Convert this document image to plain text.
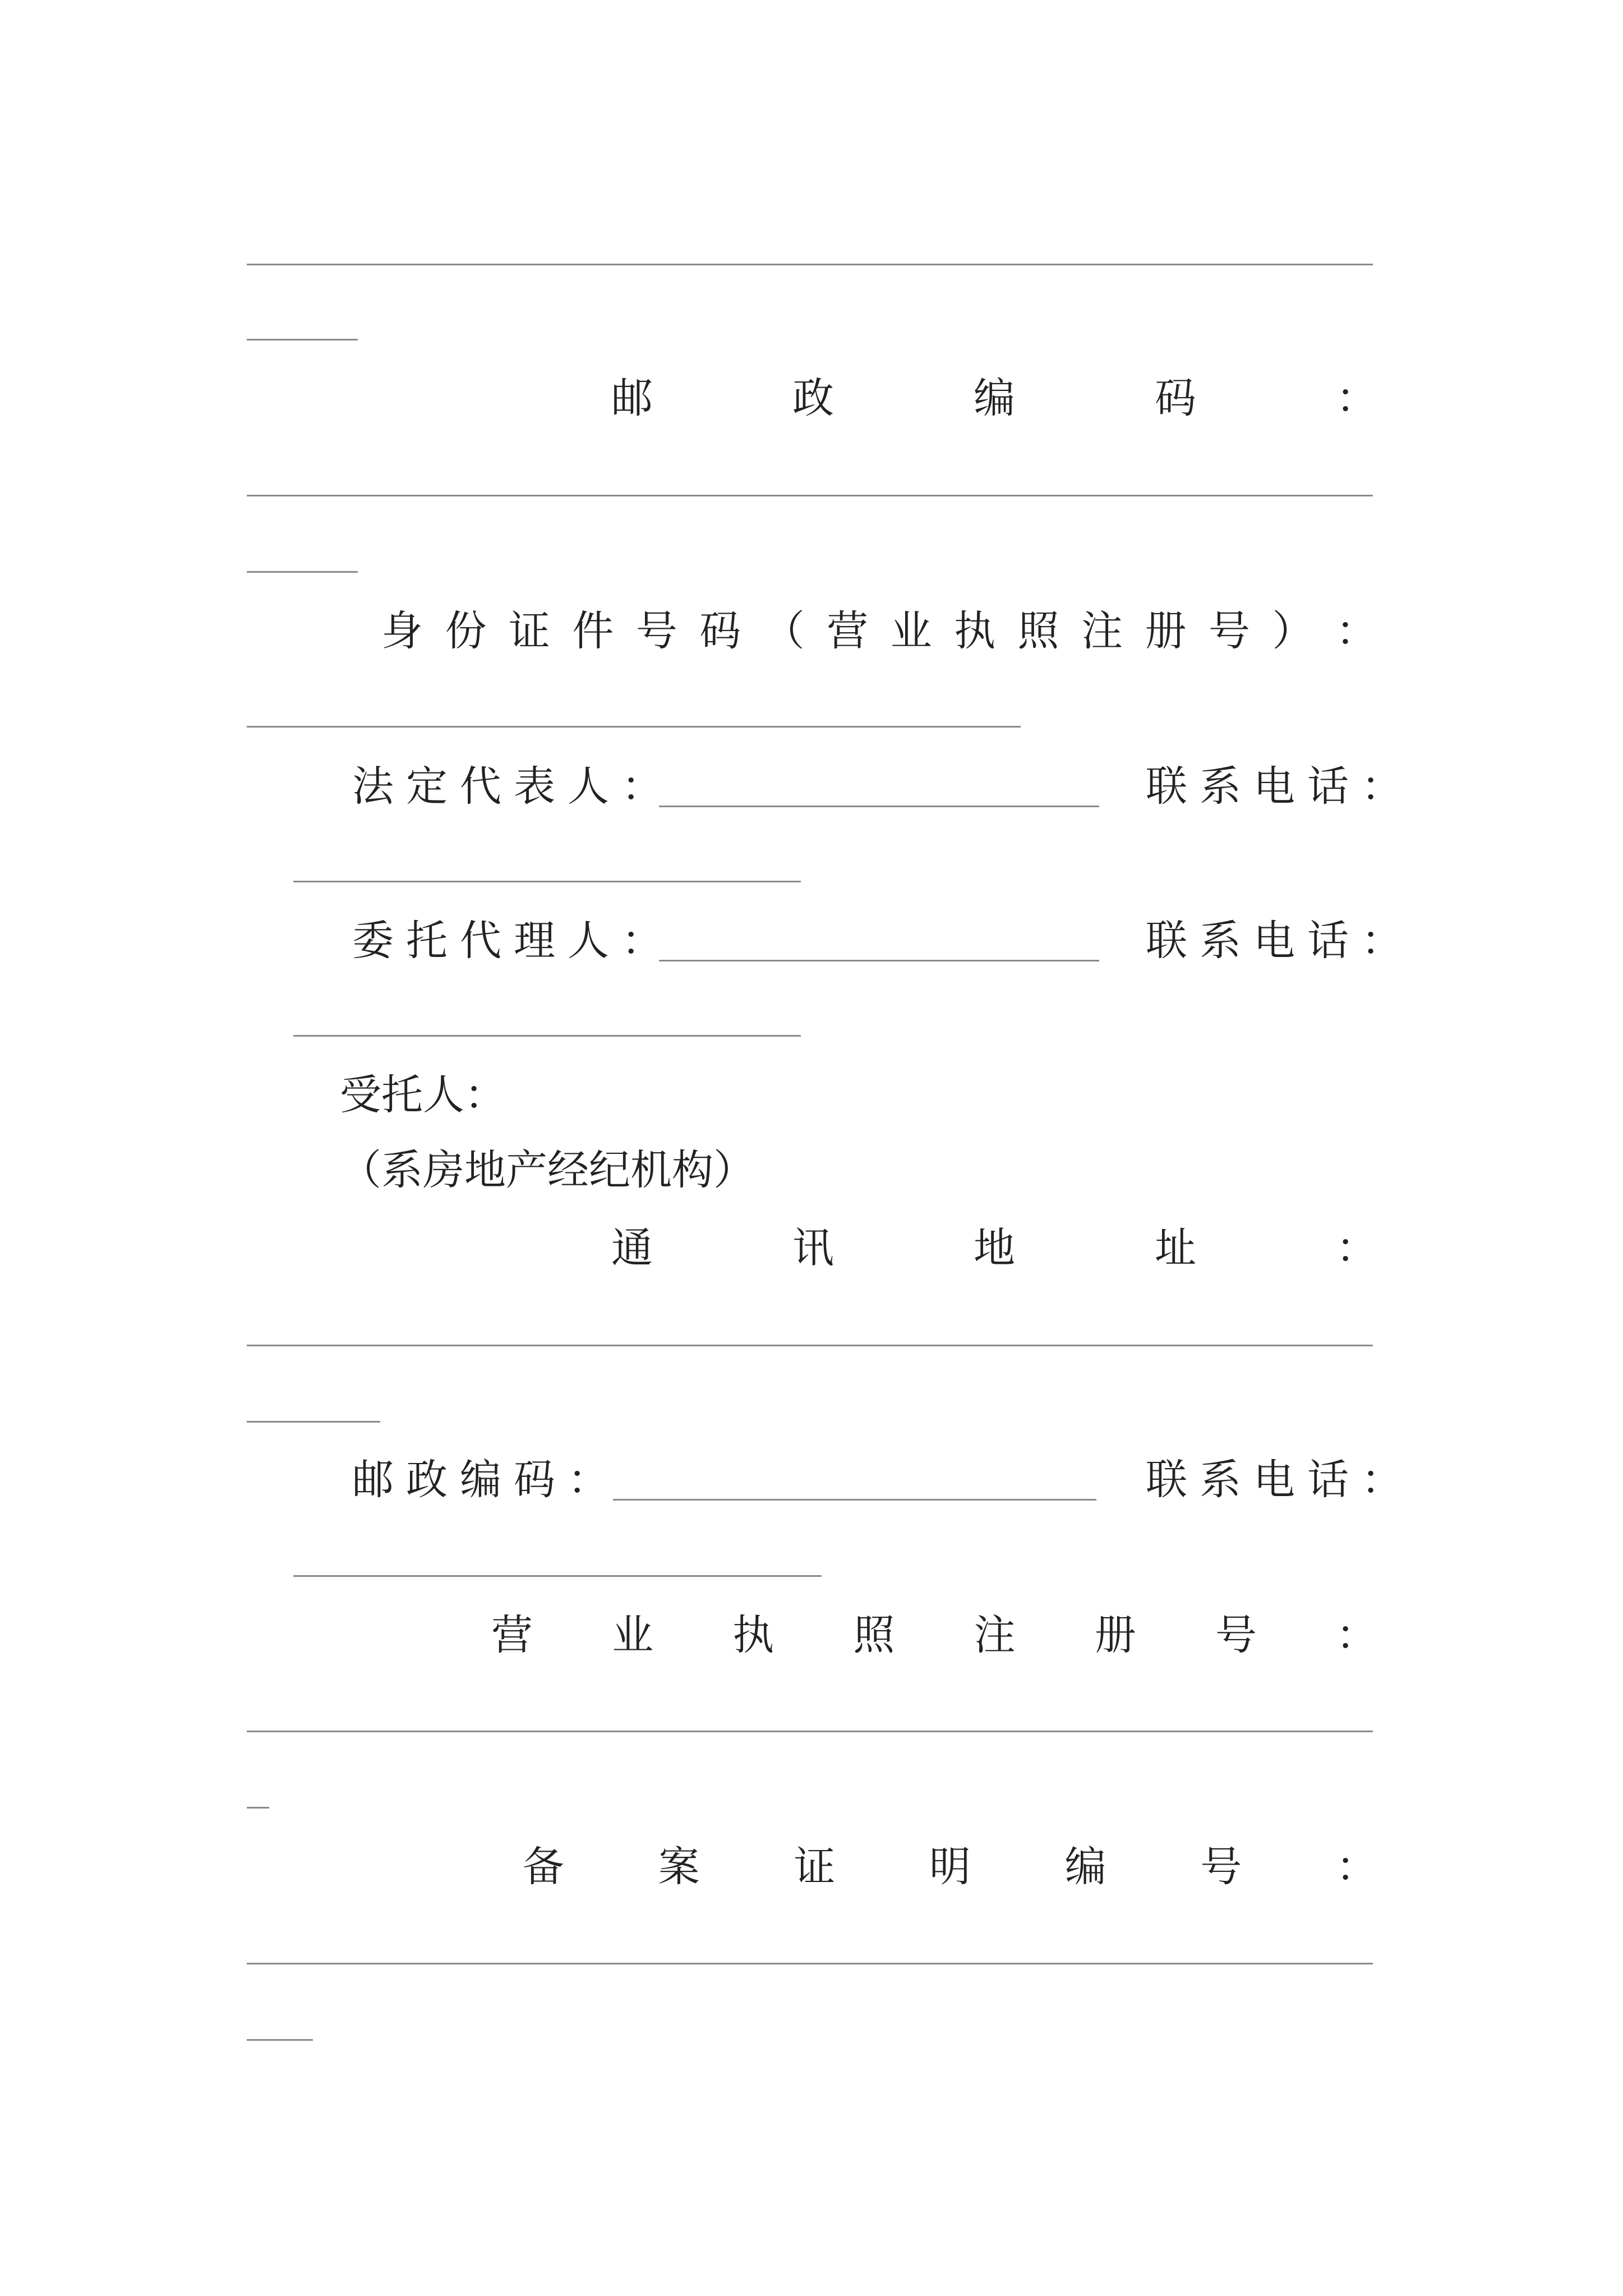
邮	政	编	码	：
身 份 证 件 号 码 （ 营 业 执 照 注 册 号 ） ：
法定代表人：	联系电话：
委托代理人：	联系电话：
受托人：
（系房地产经纪机构）
通	讯	地	址	：
邮政编码：	联系电话：
营 业 执 照 注 册 号 ：
备 案 证 明 编 号 ：
